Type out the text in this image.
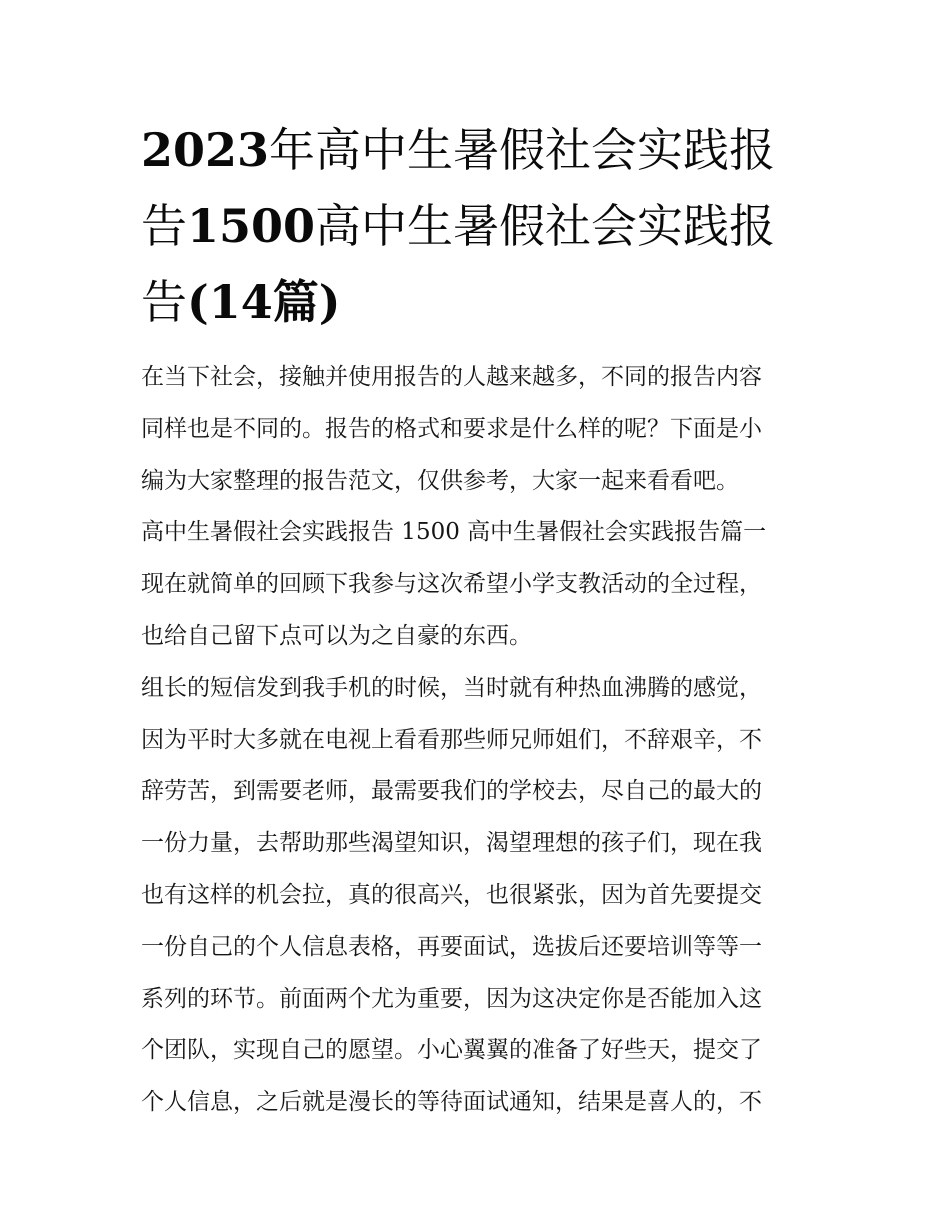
2023年高中生暑假社会实践报
告1500高中生暑假社会实践报
告(14篇)

在当下社会，接触并使用报告的人越来越多，不同的报告内容
同样也是不同的。报告的格式和要求是什么样的呢？下面是小
编为大家整理的报告范文，仅供参考，大家一起来看看吧。

高中生暑假社会实践报告 1500 高中生暑假社会实践报告篇一

现在就简单的回顾下我参与这次希望小学支教活动的全过程，
也给自己留下点可以为之自豪的东西。

组长的短信发到我手机的时候，当时就有种热血沸腾的感觉，
因为平时大多就在电视上看看那些师兄师姐们，不辞艰辛，不
辞劳苦，到需要老师，最需要我们的学校去，尽自己的最大的
一份力量，去帮助那些渴望知识，渴望理想的孩子们，现在我
也有这样的机会拉，真的很高兴，也很紧张，因为首先要提交
一份自己的个人信息表格，再要面试，选拔后还要培训等等一
系列的环节。前面两个尤为重要，因为这决定你是否能加入这
个团队，实现自己的愿望。小心翼翼的准备了好些天，提交了
个人信息，之后就是漫长的等待面试通知，结果是喜人的，不
